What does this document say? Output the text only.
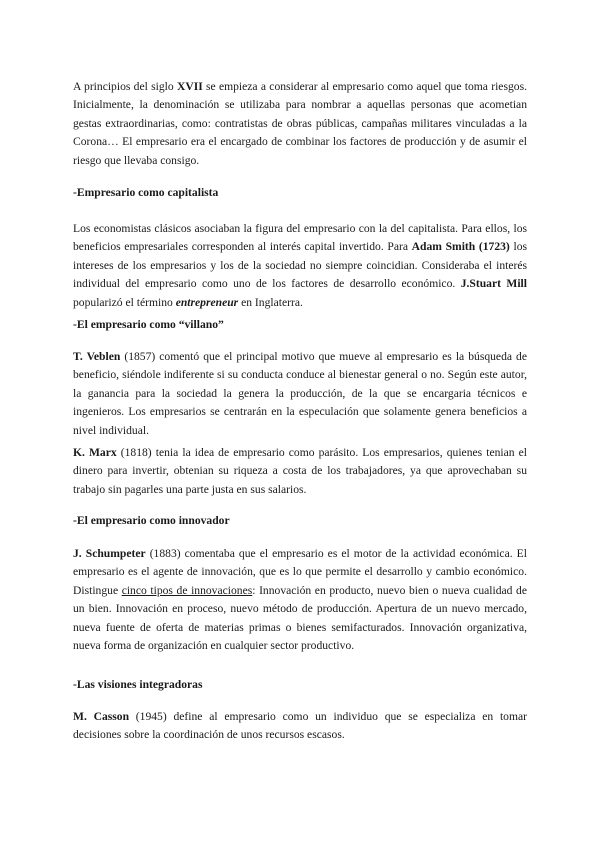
A principios del siglo XVII se empieza a considerar al empresario como aquel que toma riesgos. Inicialmente, la denominación se utilizaba para nombrar a aquellas personas que acometian gestas extraordinarias, como: contratistas de obras públicas, campañas militares vinculadas a la Corona… El empresario era el encargado de combinar los factores de producción y de asumir el riesgo que llevaba consigo.

-Empresario como capitalista

Los economistas clásicos asociaban la figura del empresario con la del capitalista. Para ellos, los beneficios empresariales corresponden al interés capital invertido. Para Adam Smith (1723) los intereses de los empresarios y los de la sociedad no siempre coincidian. Consideraba el interés individual del empresario como uno de los factores de desarrollo económico. J.Stuart Mill popularizó el término entrepreneur en Inglaterra.

-El empresario como “villano”

T. Veblen (1857) comentó que el principal motivo que mueve al empresario es la búsqueda de beneficio, siéndole indiferente si su conducta conduce al bienestar general o no. Según este autor, la ganancia para la sociedad la genera la producción, de la que se encargaria técnicos e ingenieros. Los empresarios se centrarán en la especulación que solamente genera beneficios a nivel individual.

K. Marx (1818) tenia la idea de empresario como parásito. Los empresarios, quienes tenian el dinero para invertir, obtenian su riqueza a costa de los trabajadores, ya que aprovechaban su trabajo sin pagarles una parte justa en sus salarios.

-El empresario como innovador

J. Schumpeter (1883) comentaba que el empresario es el motor de la actividad económica. El empresario es el agente de innovación, que es lo que permite el desarrollo y cambio económico. Distingue cinco tipos de innovaciones: Innovación en producto, nuevo bien o nueva cualidad de un bien. Innovación en proceso, nuevo método de producción. Apertura de un nuevo mercado, nueva fuente de oferta de materias primas o bienes semifacturados. Innovación organizativa, nueva forma de organización en cualquier sector productivo.

-Las visiones integradoras

M. Casson (1945) define al empresario como un individuo que se especializa en tomar decisiones sobre la coordinación de unos recursos escasos.
